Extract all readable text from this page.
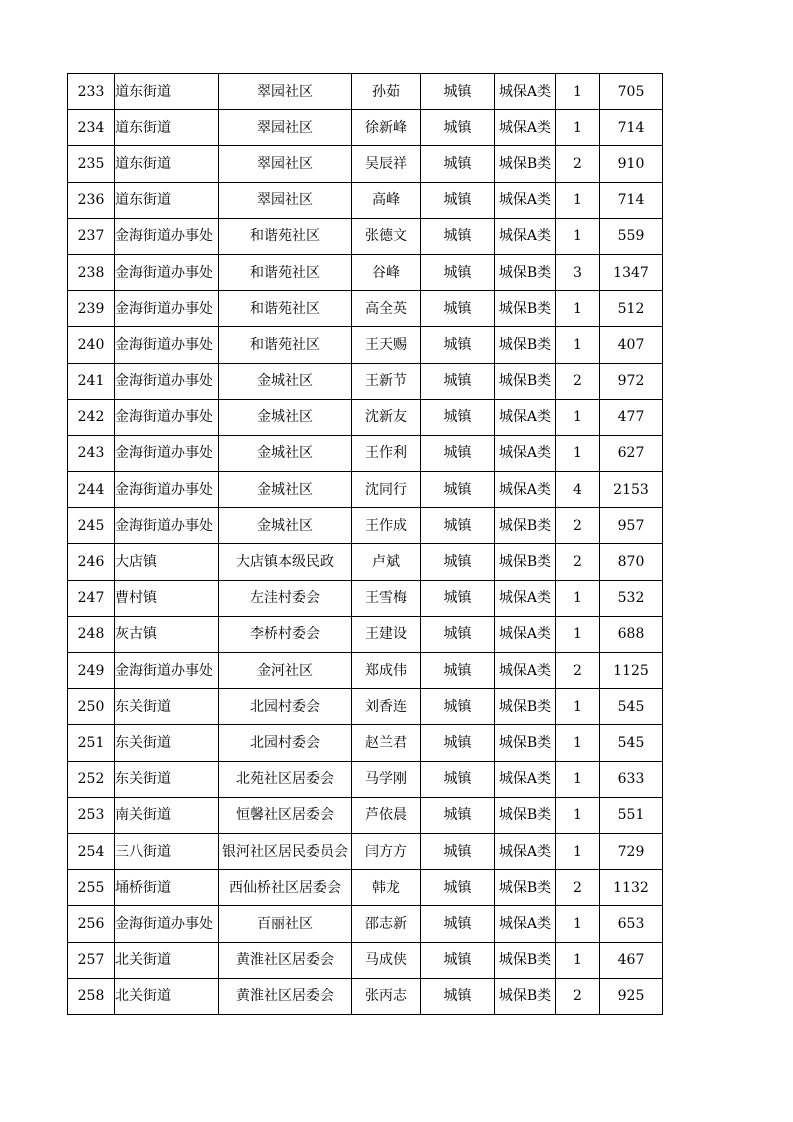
233	道东街道	翠园社区	孙茹	城镇	城保A类	1	705
234	道东街道	翠园社区	徐新峰	城镇	城保A类	1	714
235	道东街道	翠园社区	吴辰祥	城镇	城保B类	2	910
236	道东街道	翠园社区	高峰	城镇	城保A类	1	714
237	金海街道办事处	和谐苑社区	张德文	城镇	城保A类	1	559
238	金海街道办事处	和谐苑社区	谷峰	城镇	城保B类	3	1347
239	金海街道办事处	和谐苑社区	高全英	城镇	城保B类	1	512
240	金海街道办事处	和谐苑社区	王天赐	城镇	城保B类	1	407
241	金海街道办事处	金城社区	王新节	城镇	城保B类	2	972
242	金海街道办事处	金城社区	沈新友	城镇	城保A类	1	477
243	金海街道办事处	金城社区	王作利	城镇	城保A类	1	627
244	金海街道办事处	金城社区	沈同行	城镇	城保A类	4	2153
245	金海街道办事处	金城社区	王作成	城镇	城保B类	2	957
246	大店镇	大店镇本级民政	卢斌	城镇	城保B类	2	870
247	曹村镇	左洼村委会	王雪梅	城镇	城保A类	1	532
248	灰古镇	李桥村委会	王建设	城镇	城保A类	1	688
249	金海街道办事处	金河社区	郑成伟	城镇	城保A类	2	1125
250	东关街道	北园村委会	刘香连	城镇	城保B类	1	545
251	东关街道	北园村委会	赵兰君	城镇	城保B类	1	545
252	东关街道	北苑社区居委会	马学刚	城镇	城保A类	1	633
253	南关街道	恒馨社区居委会	芦依晨	城镇	城保B类	1	551
254	三八街道	银河社区居民委员会	闫方方	城镇	城保A类	1	729
255	埇桥街道	西仙桥社区居委会	韩龙	城镇	城保B类	2	1132
256	金海街道办事处	百丽社区	邵志新	城镇	城保A类	1	653
257	北关街道	黄淮社区居委会	马成侠	城镇	城保B类	1	467
258	北关街道	黄淮社区居委会	张丙志	城镇	城保B类	2	925
